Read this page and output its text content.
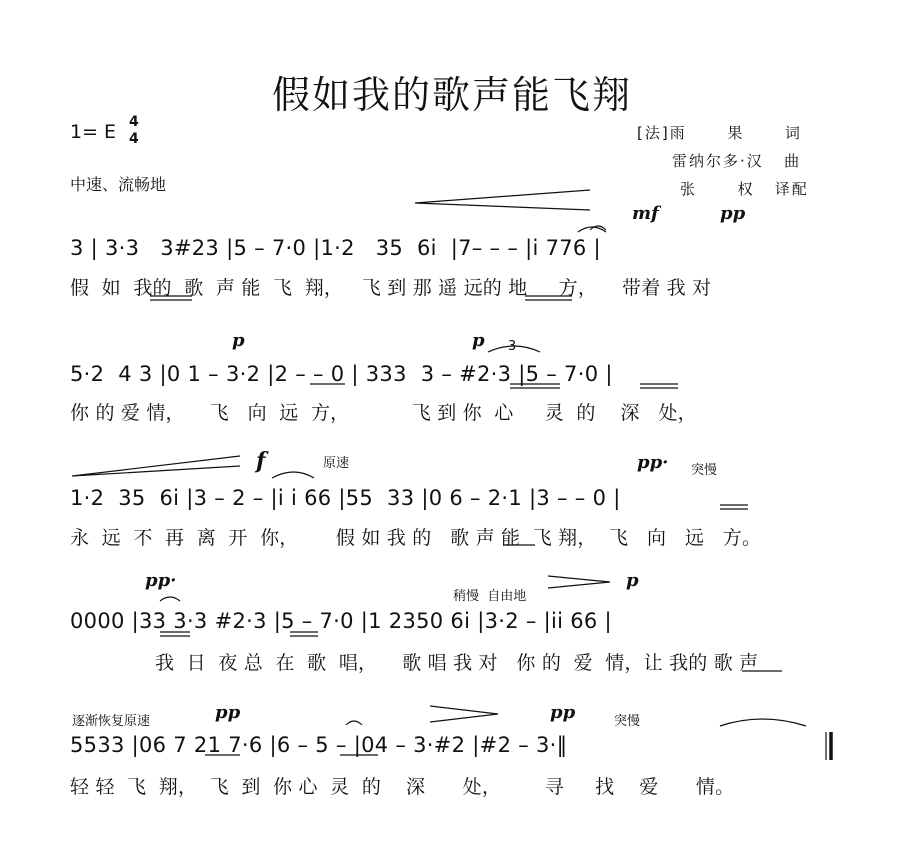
假如我的歌声能飞翔
1= E 4
4
中速、流畅地
[法]雨      果      词
雷纳尔多·汉   曲
张      权   译配
mf	pp
3 | 3·3   3#23 |5 – 7·0 |1·2   35  6i  |7– – – |i 776 |
假  如  我的  歌  声 能  飞  翔，   飞 到 那 遥 远的 地     方，    带着 我 对
p	p 3
5·2  4 3 |0 1 – 3·2 |2 – – 0 | 333  3 – #2·3 |5 – 7·0 |
你 的 爱 情，    飞   向  远  方，          飞 到 你  心     灵  的    深   处，
f	原速	pp· 突慢
1·2  35  6i |3 – 2 – |i i 66 |55  33 |0 6 – 2·1 |3 – – 0 |
永  远  不  再  离  开  你，      假 如 我 的   歌 声 能  飞 翔，  飞   向   远   方。
pp·
稍慢  自由地
p
0000 |33 3·3 #2·3 |5 – 7·0 |1 2350 6i |3·2 – |ii 66 |
我  日  夜 总  在  歌  唱，    歌 唱 我 对   你 的  爱  情，让 我的 歌 声
逐渐恢复原速	pp	pp	突慢
5533 |06 7 21 7·6 |6 – 5 – |04 – 3·#2 |#2 – 3·‖
轻 轻  飞  翔，  飞  到  你 心  灵  的    深      处，       寻     找    爱      情。
